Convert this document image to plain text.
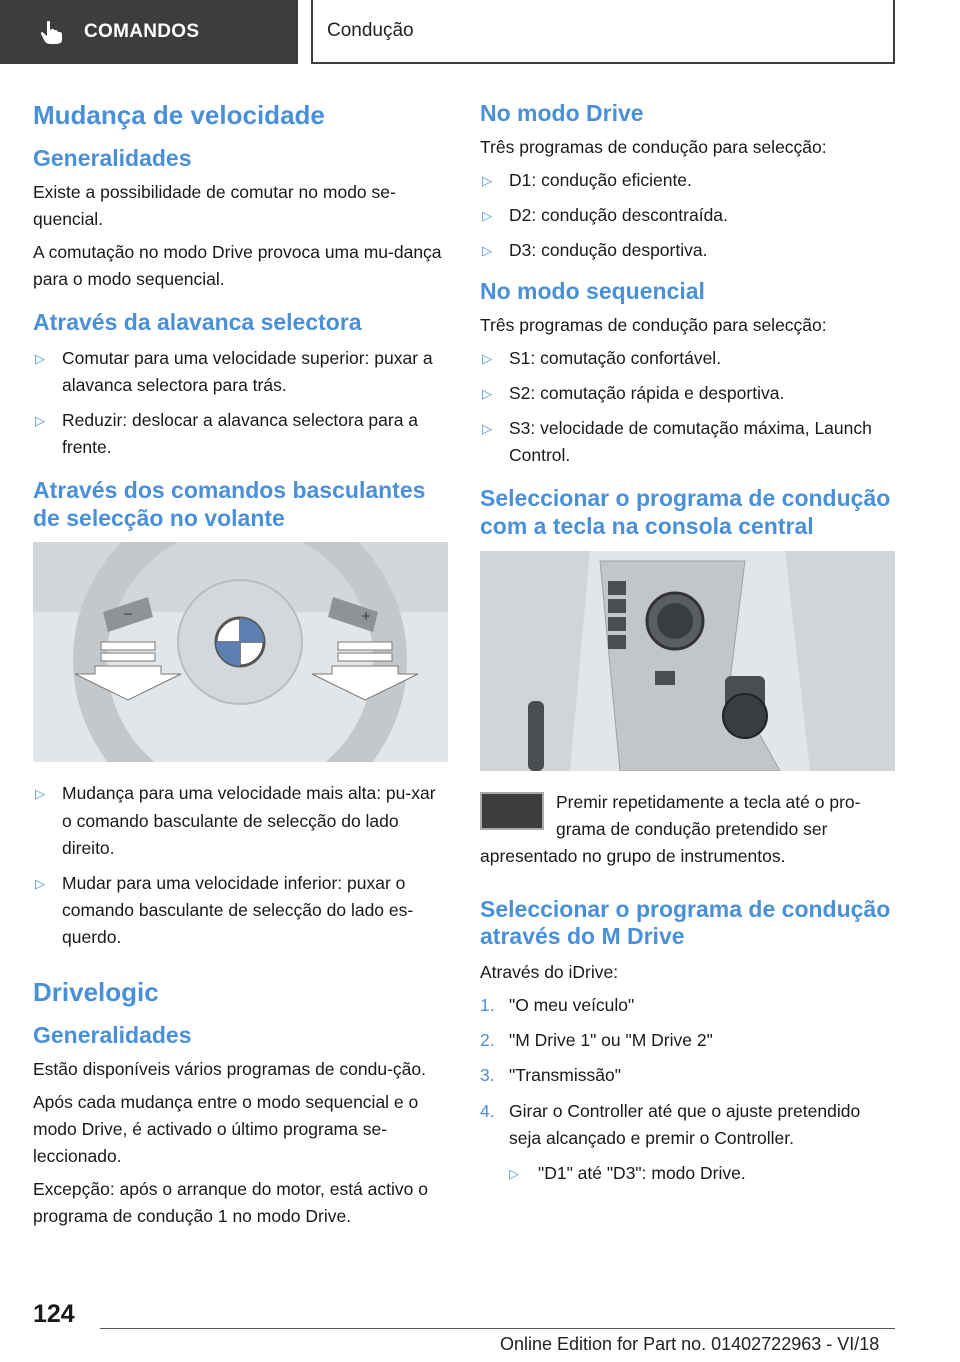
COMANDOS	Condução
Mudança de velocidade
Generalidades

Existe a possibilidade de comutar no modo se-quencial.

A comutação no modo Drive provoca uma mu-dança para o modo sequencial.

Através da alavanca selectora
▷ Comutar para uma velocidade superior: puxar a alavanca selectora para trás.
▷ Reduzir: deslocar a alavanca selectora para a frente.
Através dos comandos basculantes de selecção no volante
−	+
▷ Mudança para uma velocidade mais alta: pu-xar o comando basculante de selecção do lado direito.
▷ Mudar para uma velocidade inferior: puxar o comando basculante de selecção do lado es-querdo.
Drivelogic
Generalidades

Estão disponíveis vários programas de condu-ção.

Após cada mudança entre o modo sequencial e o modo Drive, é activado o último programa se-leccionado.

Excepção: após o arranque do motor, está activo o programa de condução 1 no modo Drive.

No modo Drive

Três programas de condução para selecção:

▷ D1: condução eficiente.
▷ D2: condução descontraída.
▷ D3: condução desportiva.
No modo sequencial

Três programas de condução para selecção:

▷ S1: comutação confortável.
▷ S2: comutação rápida e desportiva.
▷ S3: velocidade de comutação máxima, Launch Control.
Seleccionar o programa de condução com a tecla na consola central

Premir repetidamente a tecla até o pro-grama de condução pretendido ser apresentado no grupo de instrumentos.

Seleccionar o programa de condução através do M Drive

Através do iDrive:

1. "O meu veículo"
2. "M Drive 1" ou "M Drive 2"
3. "Transmissão"
4. Girar o Controller até que o ajuste pretendido seja alcançado e premir o Controller.
▷ "D1" até "D3": modo Drive.
124
Online Edition for Part no. 01402722963 - VI/18
